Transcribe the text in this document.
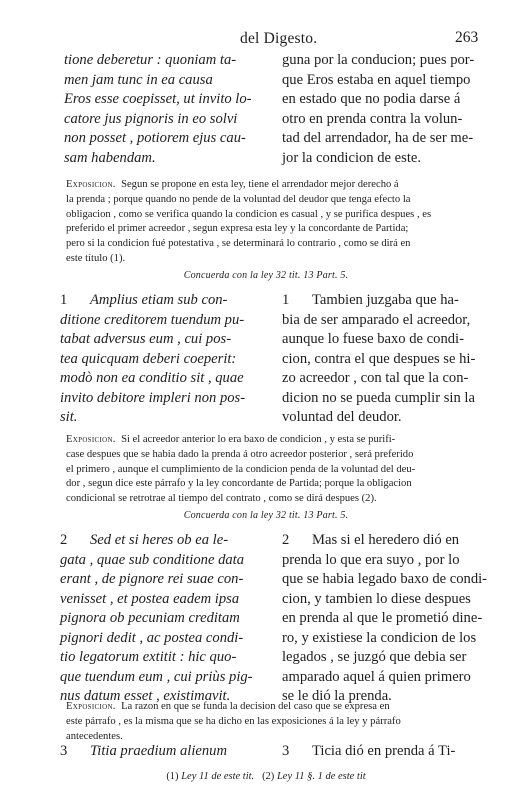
del Digesto.	263
tione deberetur : quoniam ta-
men jam tunc in ea causa
Eros esse coepisset, ut invito lo-
catore jus pignoris in eo solvi
non posset , potiorem ejus cau-
sam habendam.
guna por la conducion; pues por-
que Eros estaba en aquel tiempo
en estado que no podia darse á
otro en prenda contra la volun-
tad del arrendador, ha de ser me-
jor la condicion de este.
Exposicion. Segun se propone en esta ley, tiene el arrendador mejor derecho á
la prenda ; porque quando no pende de la voluntad del deudor que tenga efecto la
obligacion , como se verifica quando la condicion es casual , y se purifica despues , es
preferido el primer acreedor , segun expresa esta ley y la concordante de Partida;
pero si la condicion fué potestativa , se determinará lo contrario , como se dirá en
este título (1).
Concuerda con la ley 32 tit. 13 Part. 5.
1 Amplius etiam sub con-
ditione creditorem tuendum pu-
tabat adversus eum , cui pos-
tea quicquam deberi coeperit:
modò non ea conditio sit , quae
invito debitore impleri non pos-
sit.
1 Tambien juzgaba que ha-
bia de ser amparado el acreedor,
aunque lo fuese baxo de condi-
cion, contra el que despues se hi-
zo acreedor , con tal que la con-
dicion no se pueda cumplir sin la
voluntad del deudor.
Exposicion. Si el acreedor anterior lo era baxo de condicion , y esta se purifi-
case despues que se habia dado la prenda á otro acreedor posterior , será preferido
el primero , aunque el cumplimiento de la condicion penda de la voluntad del deu-
dor , segun dice este párrafo y la ley concordante de Partida; porque la obligacion
condicional se retrotrae al tiempo del contrato , como se dirá despues (2).
Concuerda con la ley 32 tit. 13 Part. 5.
2 Sed et si heres ob ea le-
gata , quae sub conditione data
erant , de pignore rei suae con-
venisset , et postea eadem ipsa
pignora ob pecuniam creditam
pignori dedit , ac postea condi-
tio legatorum extitit : hic quo-
que tuendum eum , cui priùs pig-
nus datum esset , existimavit.
2 Mas si el heredero dió en
prenda lo que era suyo , por lo
que se habia legado baxo de condi-
cion, y tambien lo diese despues
en prenda al que le prometió dine-
ro, y existiese la condicion de los
legados , se juzgó que debia ser
amparado aquel á quien primero
se le dió la prenda.
Exposicion. La razon en que se funda la decision del caso que se expresa en
este párrafo , es la misma que se ha dicho en las exposiciones á la ley y párrafo
antecedentes.
3 Titia praedium alienum	3 Ticia dió en prenda á Ti-
(1) Ley 11 de este tit. (2) Ley 11 §. 1 de este tit
